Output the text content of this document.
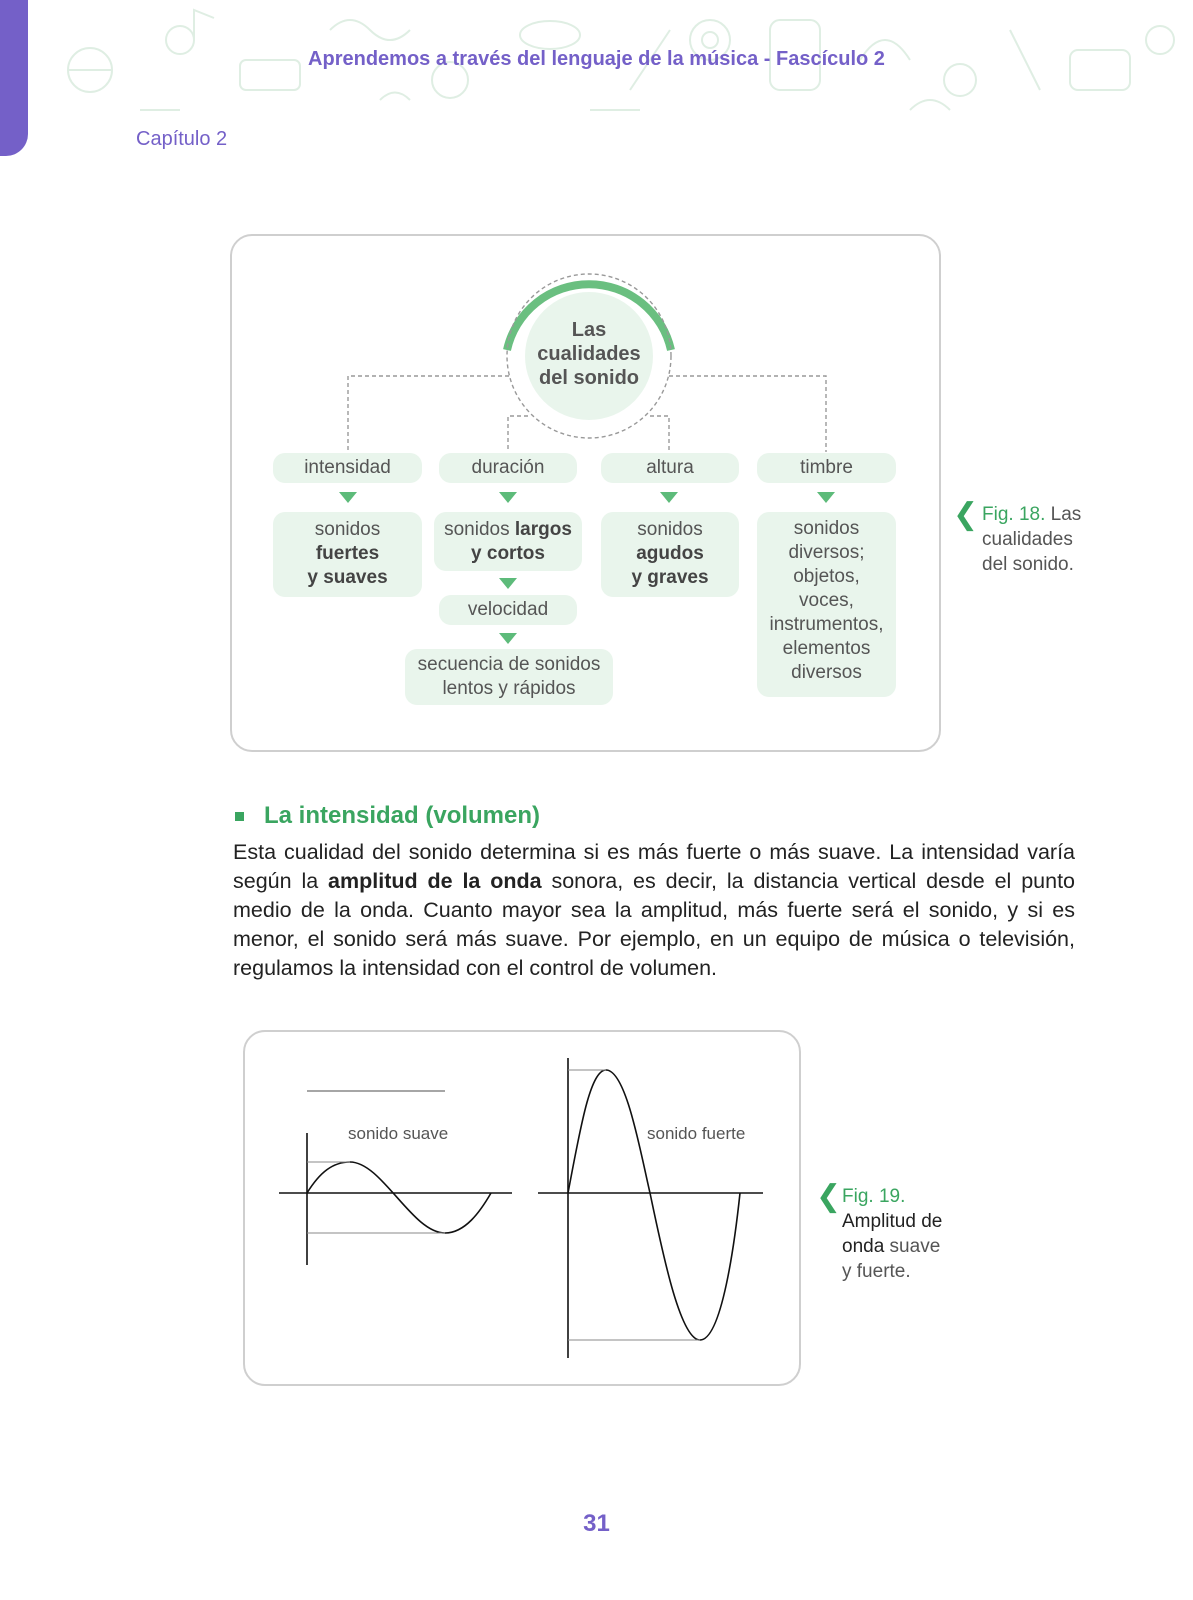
Aprendemos a través del lenguaje de la música - Fascículo 2
Capítulo 2
Las
cualidades
del sonido
intensidad
sonidos
fuertes
y suaves
duración
sonidos largos
y cortos
velocidad
secuencia de sonidos
lentos y rápidos
altura
sonidos
agudos
y graves
timbre
sonidos
diversos;
objetos,
voces,
instrumentos,
elementos
diversos
❮ Fig. 18. Las
cualidades
del sonido.
La intensidad (volumen)
Esta cualidad del sonido determina si es más fuerte o más suave. La intensidad varía según la amplitud de la onda sonora, es decir, la distancia vertical desde el punto medio de la onda. Cuanto mayor sea la amplitud, más fuerte será el sonido, y si es menor, el sonido será más suave. Por ejemplo, en un equipo de música o televisión, regulamos la intensidad con el control de volumen.
sonido suave	sonido fuerte
❮ Fig. 19.
Amplitud de
onda suave
y fuerte.
31
